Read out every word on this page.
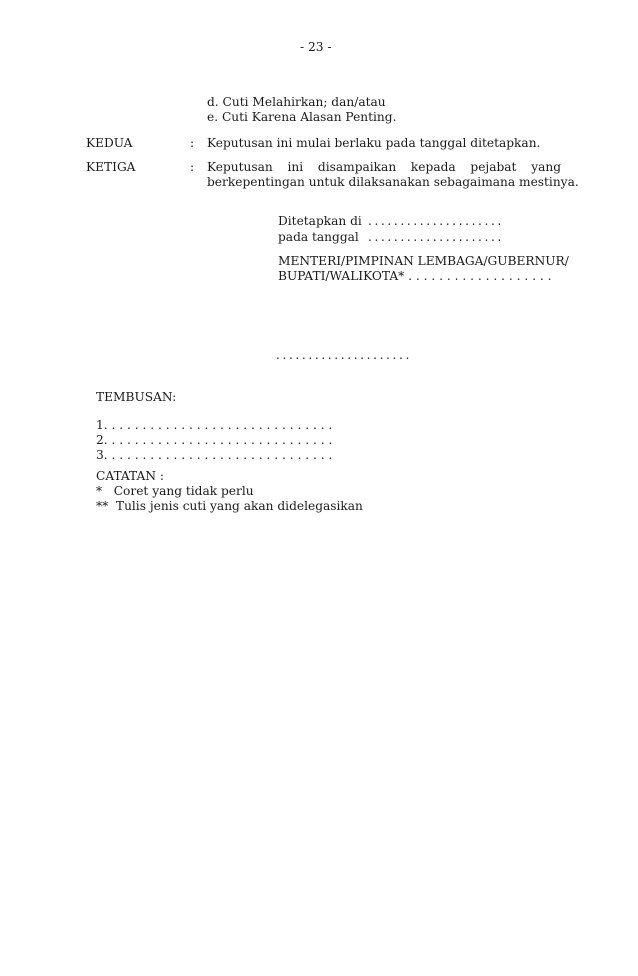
- 23 -
d. Cuti Melahirkan; dan/atau
e. Cuti Karena Alasan Penting.
KEDUA	: Keputusan ini mulai berlaku pada tanggal ditetapkan.
KETIGA	: Keputusan ini disampaikan kepada pejabat yang
berkepentingan untuk dilaksanakan sebagaimana mestinya.
Ditetapkan di .....................
pada tanggal .....................
MENTERI/PIMPINAN LEMBAGA/GUBERNUR/
BUPATI/WALIKOTA* . . . . . . . . . . . . . . . . . . .
.....................
TEMBUSAN:
1. . . . . . . . . . . . . . . . . . . . . . . . . . . . . .
2. . . . . . . . . . . . . . . . . . . . . . . . . . . . . .
3. . . . . . . . . . . . . . . . . . . . . . . . . . . . . .
CATATAN :
*   Coret yang tidak perlu
**  Tulis jenis cuti yang akan didelegasikan
